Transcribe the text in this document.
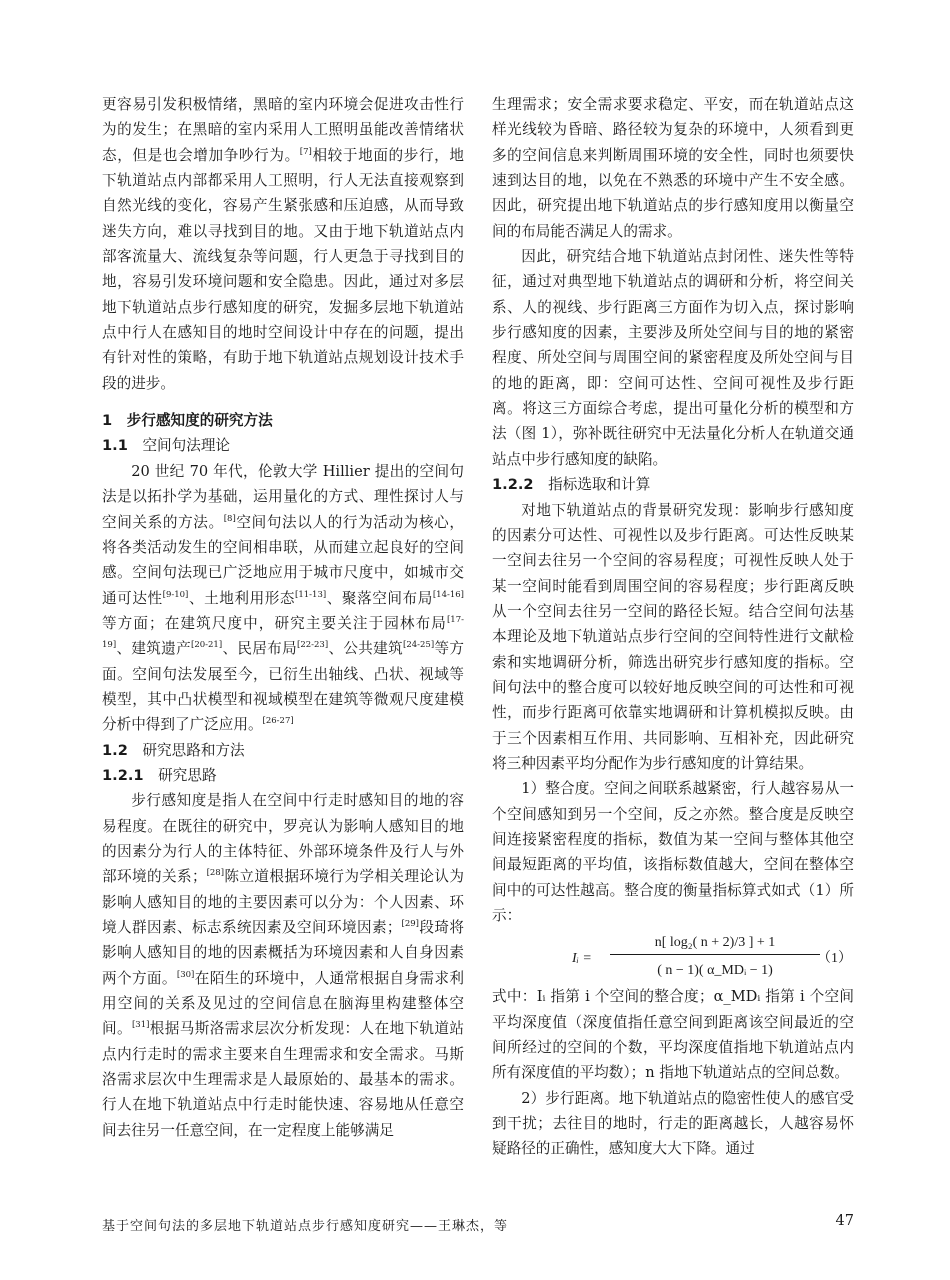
更容易引发积极情绪，黑暗的室内环境会促进攻击性行为的发生；在黑暗的室内采用人工照明虽能改善情绪状态，但是也会增加争吵行为。[7]相较于地面的步行，地下轨道站点内部都采用人工照明，行人无法直接观察到自然光线的变化，容易产生紧张感和压迫感，从而导致迷失方向，难以寻找到目的地。又由于地下轨道站点内部客流量大、流线复杂等问题，行人更急于寻找到目的地，容易引发环境问题和安全隐患。因此，通过对多层地下轨道站点步行感知度的研究，发掘多层地下轨道站点中行人在感知目的地时空间设计中存在的问题，提出有针对性的策略，有助于地下轨道站点规划设计技术手段的进步。

1 步行感知度的研究方法
1.1 空间句法理论

20 世纪 70 年代，伦敦大学 Hillier 提出的空间句法是以拓扑学为基础，运用量化的方式、理性探讨人与空间关系的方法。[8]空间句法以人的行为活动为核心，将各类活动发生的空间相串联，从而建立起良好的空间感。空间句法现已广泛地应用于城市尺度中，如城市交通可达性[9-10]、土地利用形态[11-13]、聚落空间布局[14-16]等方面；在建筑尺度中，研究主要关注于园林布局[17-19]、建筑遗产[20-21]、民居布局[22-23]、公共建筑[24-25]等方面。空间句法发展至今，已衍生出轴线、凸状、视域等模型，其中凸状模型和视域模型在建筑等微观尺度建模分析中得到了广泛应用。[26-27]

1.2 研究思路和方法
1.2.1 研究思路

步行感知度是指人在空间中行走时感知目的地的容易程度。在既往的研究中，罗亮认为影响人感知目的地的因素分为行人的主体特征、外部环境条件及行人与外部环境的关系；[28]陈立道根据环境行为学相关理论认为影响人感知目的地的主要因素可以分为：个人因素、环境人群因素、标志系统因素及空间环境因素；[29]段琦将影响人感知目的地的因素概括为环境因素和人自身因素两个方面。[30]在陌生的环境中，人通常根据自身需求利用空间的关系及见过的空间信息在脑海里构建整体空间。[31]根据马斯洛需求层次分析发现：人在地下轨道站点内行走时的需求主要来自生理需求和安全需求。马斯洛需求层次中生理需求是人最原始的、最基本的需求。行人在地下轨道站点中行走时能快速、容易地从任意空间去往另一任意空间，在一定程度上能够满足

生理需求；安全需求要求稳定、平安，而在轨道站点这样光线较为昏暗、路径较为复杂的环境中，人须看到更多的空间信息来判断周围环境的安全性，同时也须要快速到达目的地，以免在不熟悉的环境中产生不安全感。因此，研究提出地下轨道站点的步行感知度用以衡量空间的布局能否满足人的需求。

因此，研究结合地下轨道站点封闭性、迷失性等特征，通过对典型地下轨道站点的调研和分析，将空间关系、人的视线、步行距离三方面作为切入点，探讨影响步行感知度的因素，主要涉及所处空间与目的地的紧密程度、所处空间与周围空间的紧密程度及所处空间与目的地的距离，即：空间可达性、空间可视性及步行距离。将这三方面综合考虑，提出可量化分析的模型和方法（图 1），弥补既往研究中无法量化分析人在轨道交通站点中步行感知度的缺陷。

1.2.2 指标选取和计算

对地下轨道站点的背景研究发现：影响步行感知度的因素分可达性、可视性以及步行距离。可达性反映某一空间去往另一个空间的容易程度；可视性反映人处于某一空间时能看到周围空间的容易程度；步行距离反映从一个空间去往另一空间的路径长短。结合空间句法基本理论及地下轨道站点步行空间的空间特性进行文献检索和实地调研分析，筛选出研究步行感知度的指标。空间句法中的整合度可以较好地反映空间的可达性和可视性，而步行距离可依靠实地调研和计算机模拟反映。由于三个因素相互作用、共同影响、互相补充，因此研究将三种因素平均分配作为步行感知度的计算结果。

1）整合度。空间之间联系越紧密，行人越容易从一个空间感知到另一个空间，反之亦然。整合度是反映空间连接紧密程度的指标，数值为某一空间与整体其他空间最短距离的平均值，该指标数值越大，空间在整体空间中的可达性越高。整合度的衡量指标算式如式（1）所示：

Iᵢ =
n[ log₂( n + 2)/3 ] + 1
( n − 1)( α_MDᵢ − 1)
（1）

式中：Iᵢ 指第 i 个空间的整合度；α_MDᵢ 指第 i 个空间平均深度值（深度值指任意空间到距离该空间最近的空间所经过的空间的个数，平均深度值指地下轨道站点内所有深度值的平均数）；n 指地下轨道站点的空间总数。

2）步行距离。地下轨道站点的隐密性使人的感官受到干扰；去往目的地时，行走的距离越长，人越容易怀疑路径的正确性，感知度大大下降。通过

基于空间句法的多层地下轨道站点步行感知度研究——王琳杰，等	47
